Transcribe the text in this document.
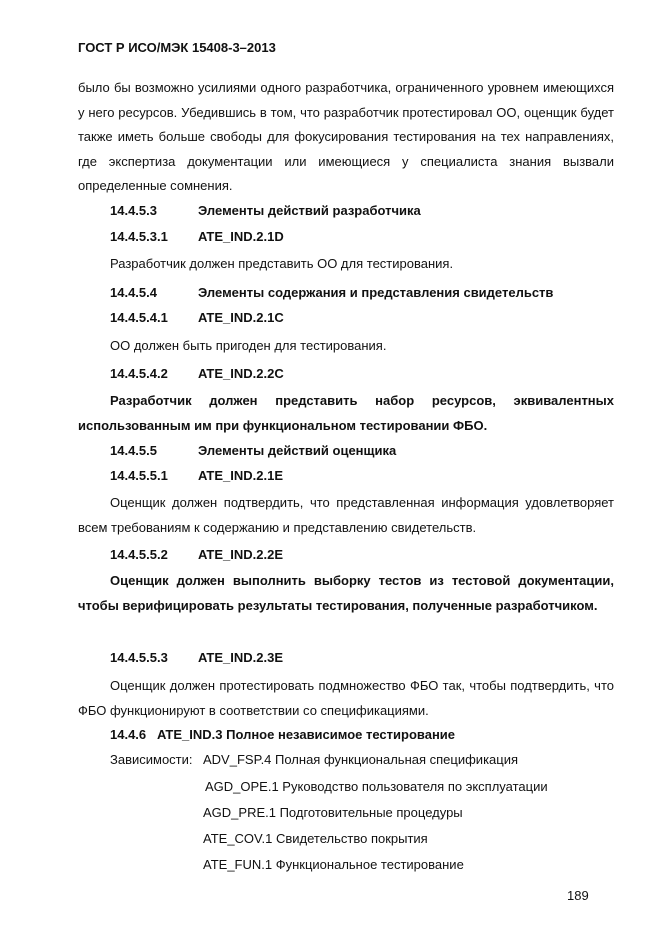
ГОСТ Р ИСО/МЭК 15408-3–2013

было бы возможно усилиями одного разработчика, ограниченного уровнем имеющихся у него ресурсов. Убедившись в том, что разработчик протестировал ОО, оценщик будет также иметь больше свободы для фокусирования тестирования на тех направлениях, где экспертиза документации или имеющиеся у специалиста знания вызвали определенные сомнения.

14.4.5.3	Элементы действий разработчика
14.4.5.3.1 ATE_IND.2.1D
Разработчик должен представить ОО для тестирования.
14.4.5.4	Элементы содержания и представления свидетельств
14.4.5.4.1 ATE_IND.2.1C
ОО должен быть пригоден для тестирования.
14.4.5.4.2 ATE_IND.2.2C

Разработчик должен представить набор ресурсов, эквивалентных использованным им при функциональном тестировании ФБО.

14.4.5.5	Элементы действий оценщика
14.4.5.5.1 ATE_IND.2.1E

Оценщик должен подтвердить, что представленная информация удовлетворяет всем требованиям к содержанию и представлению свидетельств.

14.4.5.5.2 ATE_IND.2.2E

Оценщик должен выполнить выборку тестов из тестовой документации, чтобы верифицировать результаты тестирования, полученные разработчиком.

14.4.5.5.3 ATE_IND.2.3E

Оценщик должен протестировать подмножество ФБО так, чтобы подтвердить, что ФБО функционируют в соответствии со спецификациями.

14.4.6 ATE_IND.3 Полное независимое тестирование
Зависимости: ADV_FSP.4 Полная функциональная спецификация
AGD_OPE.1 Руководство пользователя по эксплуатации
AGD_PRE.1 Подготовительные процедуры
ATE_COV.1 Свидетельство покрытия
ATE_FUN.1 Функциональное тестирование
189
